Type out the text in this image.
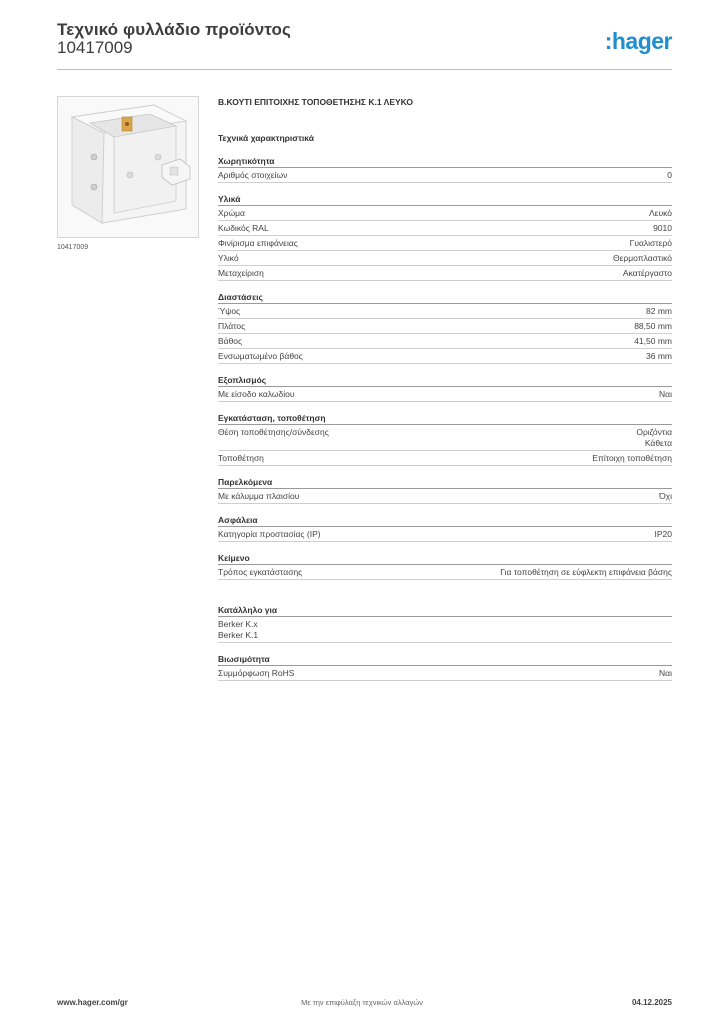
Τεχνικό φυλλάδιο προϊόντος
10417009	:hager
10417009
Β.ΚΟΥΤΙ ΕΠΙΤΟΙΧΗΣ ΤΟΠΟΘΕΤΗΣΗΣ Κ.1 ΛΕΥΚΟ
Τεχνικά χαρακτηριστικά
Χωρητικότητα
Αριθμός στοιχείων	0
Υλικά
Χρώμα	Λευκό
Κωδικός RAL	9010
Φινίρισμα επιφάνειας	Γυαλιστερό
Υλικό	Θερμοπλαστικό
Μεταχείριση	Ακατέργαστο
Διαστάσεις
Ύψος	82 mm
Πλάτος	88,50 mm
Βάθος	41,50 mm
Ενσωματωμένο βάθος	36 mm
Εξοπλισμός
Με είσοδο καλωδίου	Ναι
Εγκατάσταση, τοποθέτηση
Θέση τοποθέτησης/σύνδεσης	Οριζόντια
Κάθετα
Τοποθέτηση	Επίτοιχη τοποθέτηση
Παρελκόμενα
Με κάλυμμα πλαισίου	Όχι
Ασφάλεια
Κατηγορία προστασίας (IP)	IP20
Κείμενο
Τρόπος εγκατάστασης	Για τοποθέτηση σε εύφλεκτη επιφάνεια βάσης
Κατάλληλο για
Berker K.x
Berker K.1
Βιωσιμότητα
Συμμόρφωση RoHS	Ναι
www.hager.com/gr	Με την επιφύλαξη τεχνικών αλλαγών	04.12.2025
